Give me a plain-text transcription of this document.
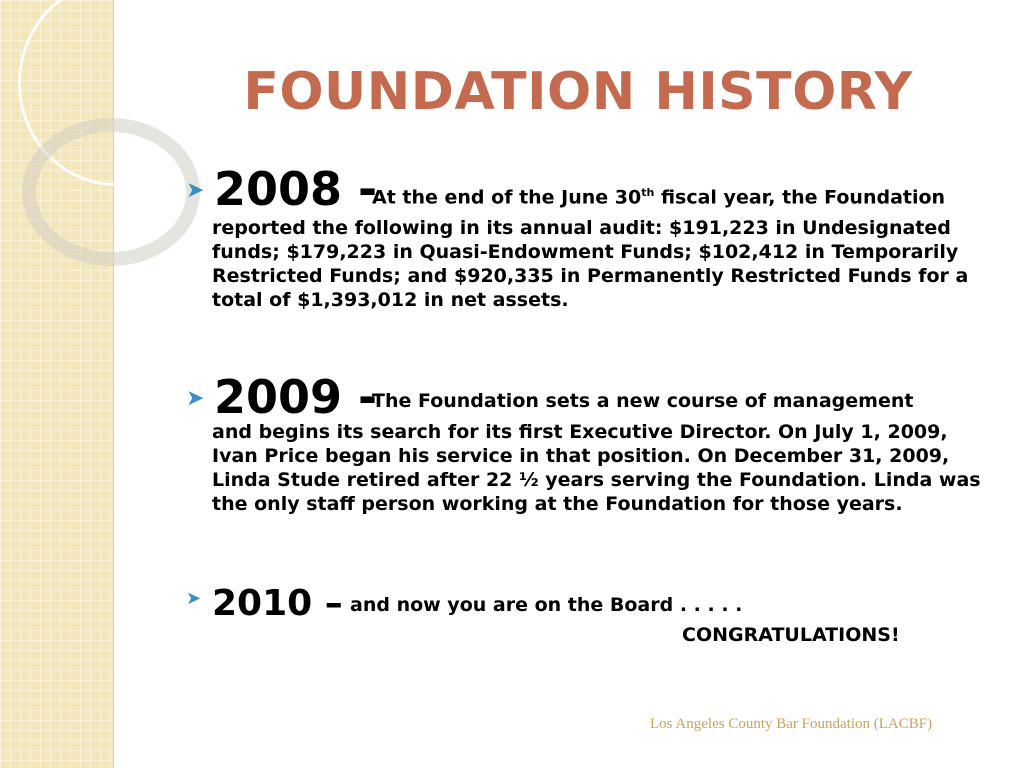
FOUNDATION HISTORY
➤ 2008 -
At the end of the June 30th fiscal year, the Foundation

reported the following in its annual audit: $191,223 in Undesignated funds; $179,223 in Quasi-Endowment Funds; $102,412 in Temporarily Restricted Funds; and $920,335 in Permanently Restricted Funds for a total of $1,393,012 in net assets.

➤ 2009 -
The Foundation sets a new course of management

and begins its search for its first Executive Director. On July 1, 2009, Ivan Price began his service in that position. On December 31, 2009, Linda Stude retired after 22 ½ years serving the Foundation. Linda was the only staff person working at the Foundation for those years.

➤ 2010 – and now you are on the Board . . . . .
CONGRATULATIONS!
Los Angeles County Bar Foundation (LACBF)
